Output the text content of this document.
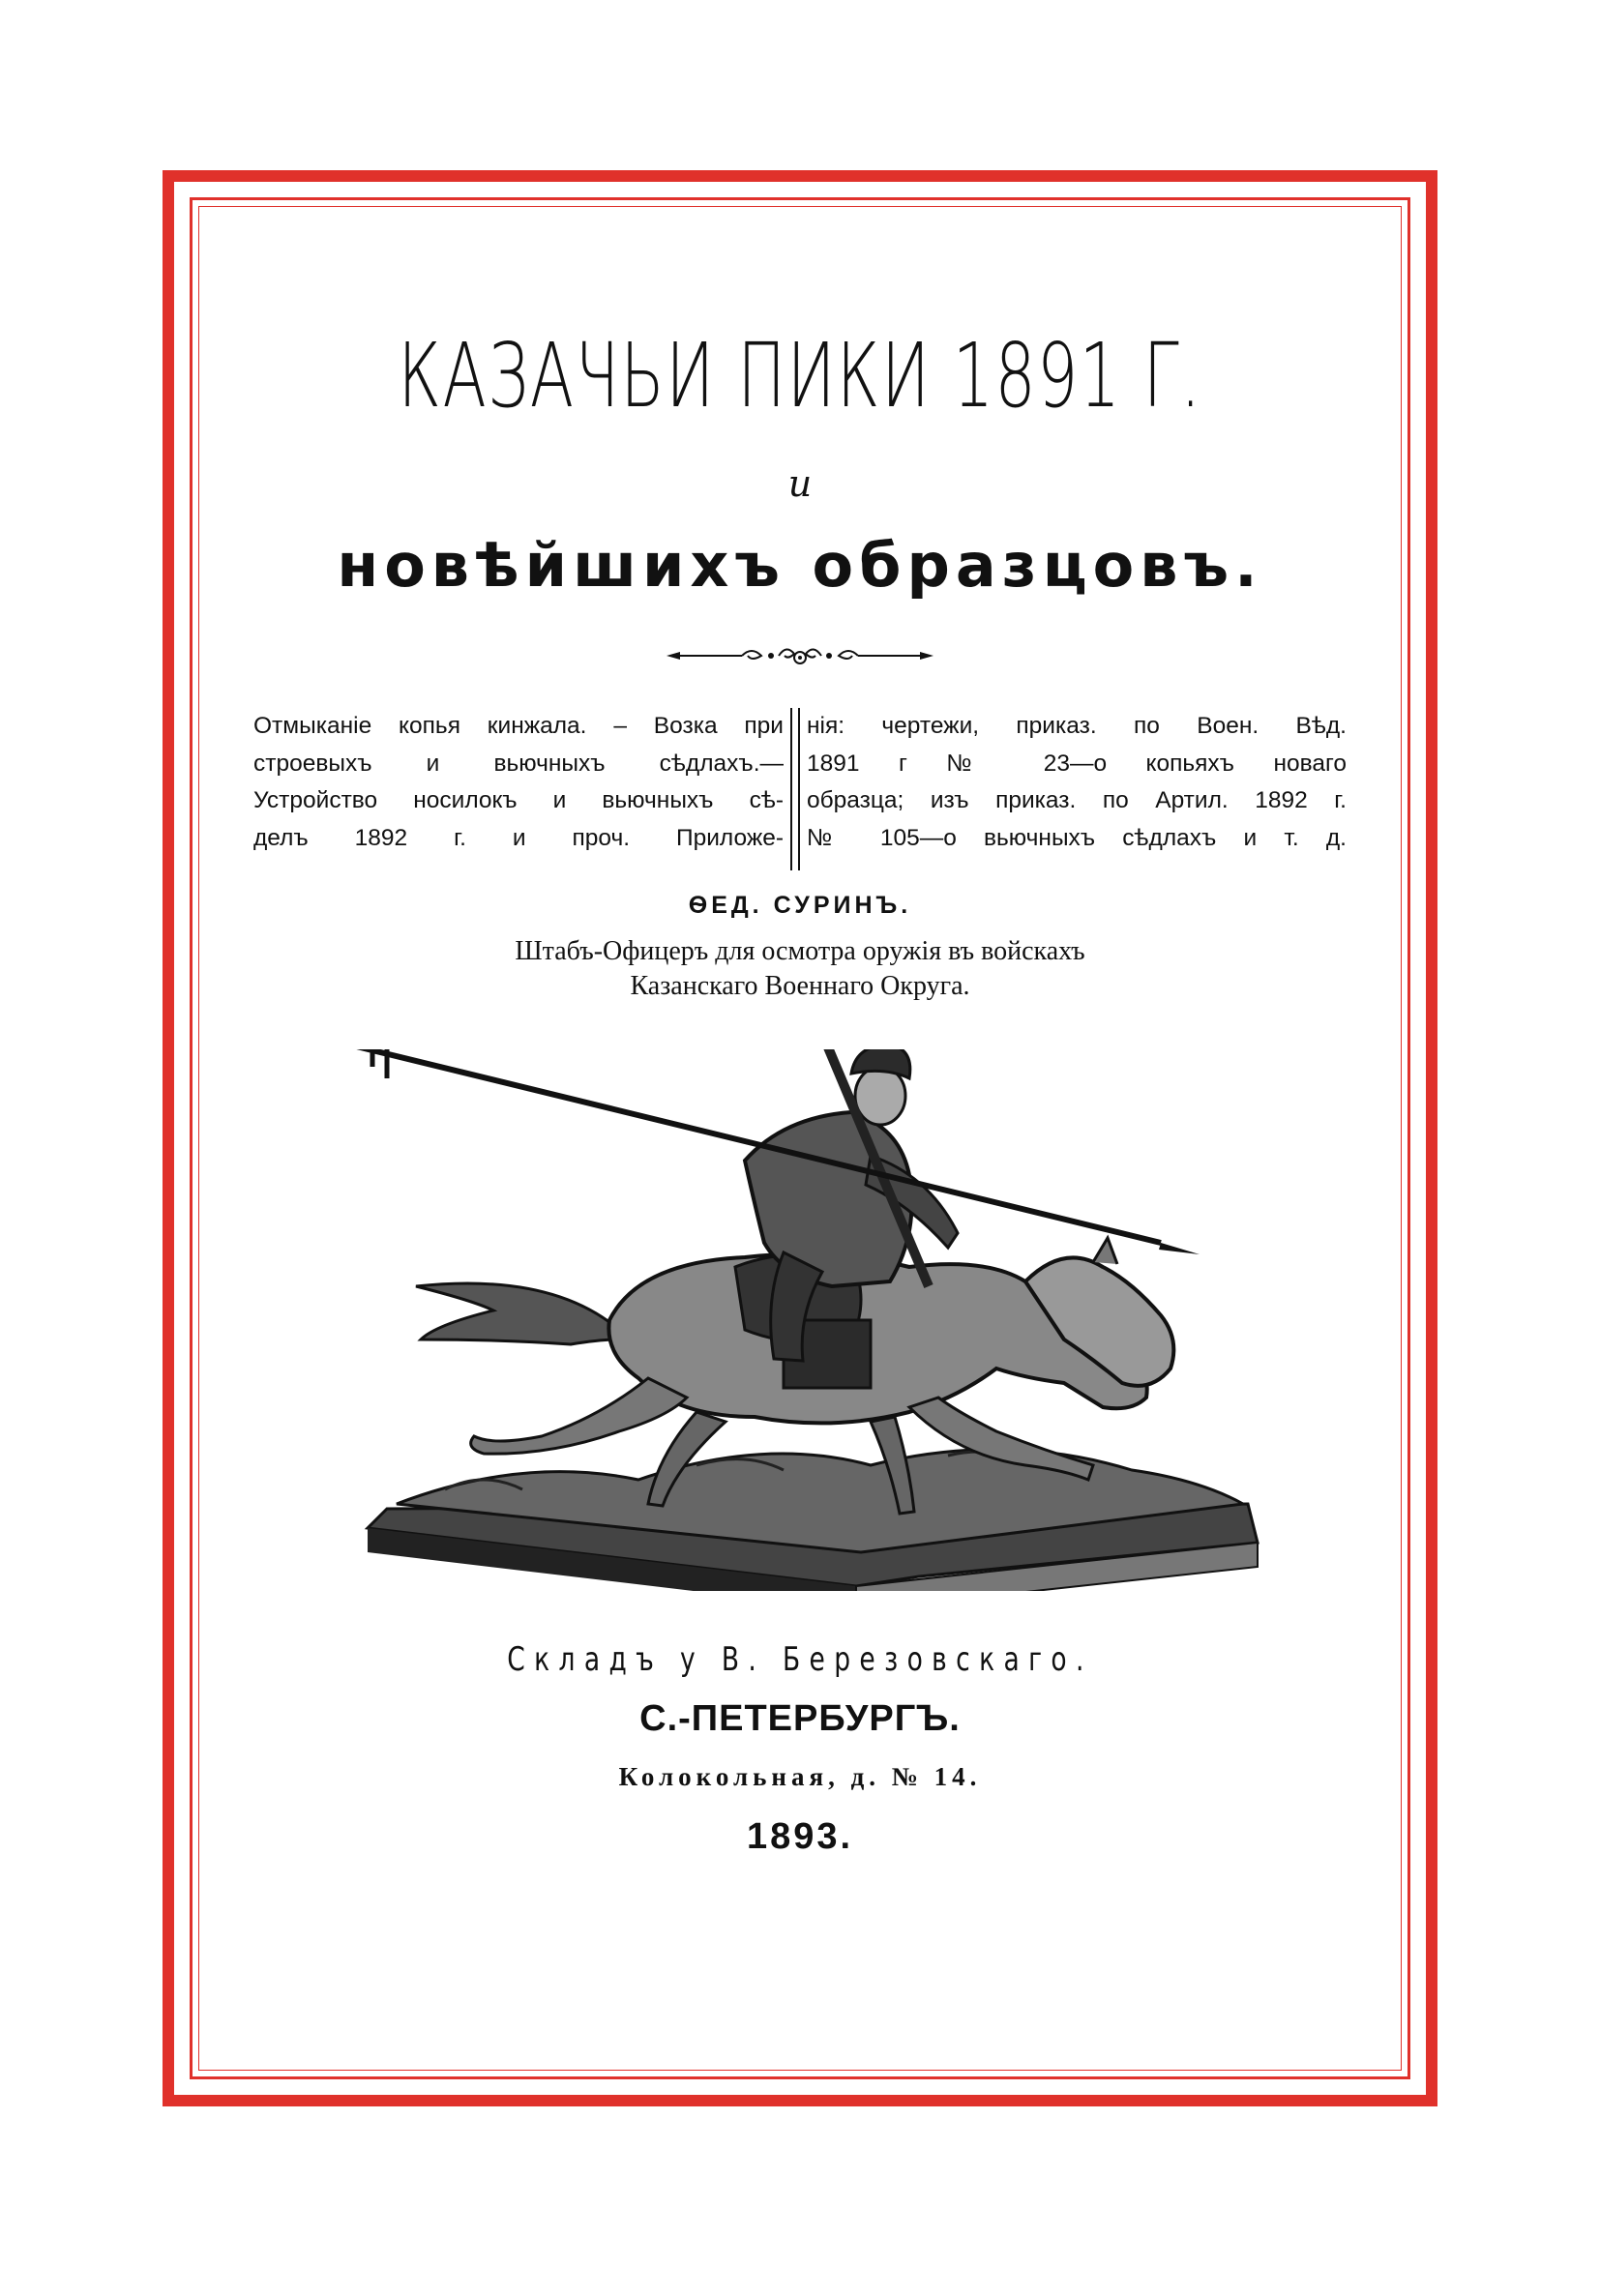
КАЗАЧЬИ ПИКИ 1891 Г.
и
новѣйшихъ образцовъ.
Отмыканіе копья кинжала. – Возка при
строевыхъ и вьючныхъ сѣдлахъ.—
Устройство носилокъ и вьючныхъ сѣ-
делъ 1892 г. и проч. Приложе-
нія: чертежи, приказ. по Воен. Вѣд.
1891 г № 23—о копьяхъ новаго
образца; изъ приказ. по Артил. 1892 г.
№ 105—о вьючныхъ сѣдлахъ и т. д.
ѲЕД. СУРИНЪ.
Штабъ-Офицеръ для осмотра оружія въ войскахъ
Казанскаго Военнаго Округа.
Складъ у В. Березовскаго.
С.-ПЕТЕРБУРГЪ.
Колокольная, д. № 14.
1893.
